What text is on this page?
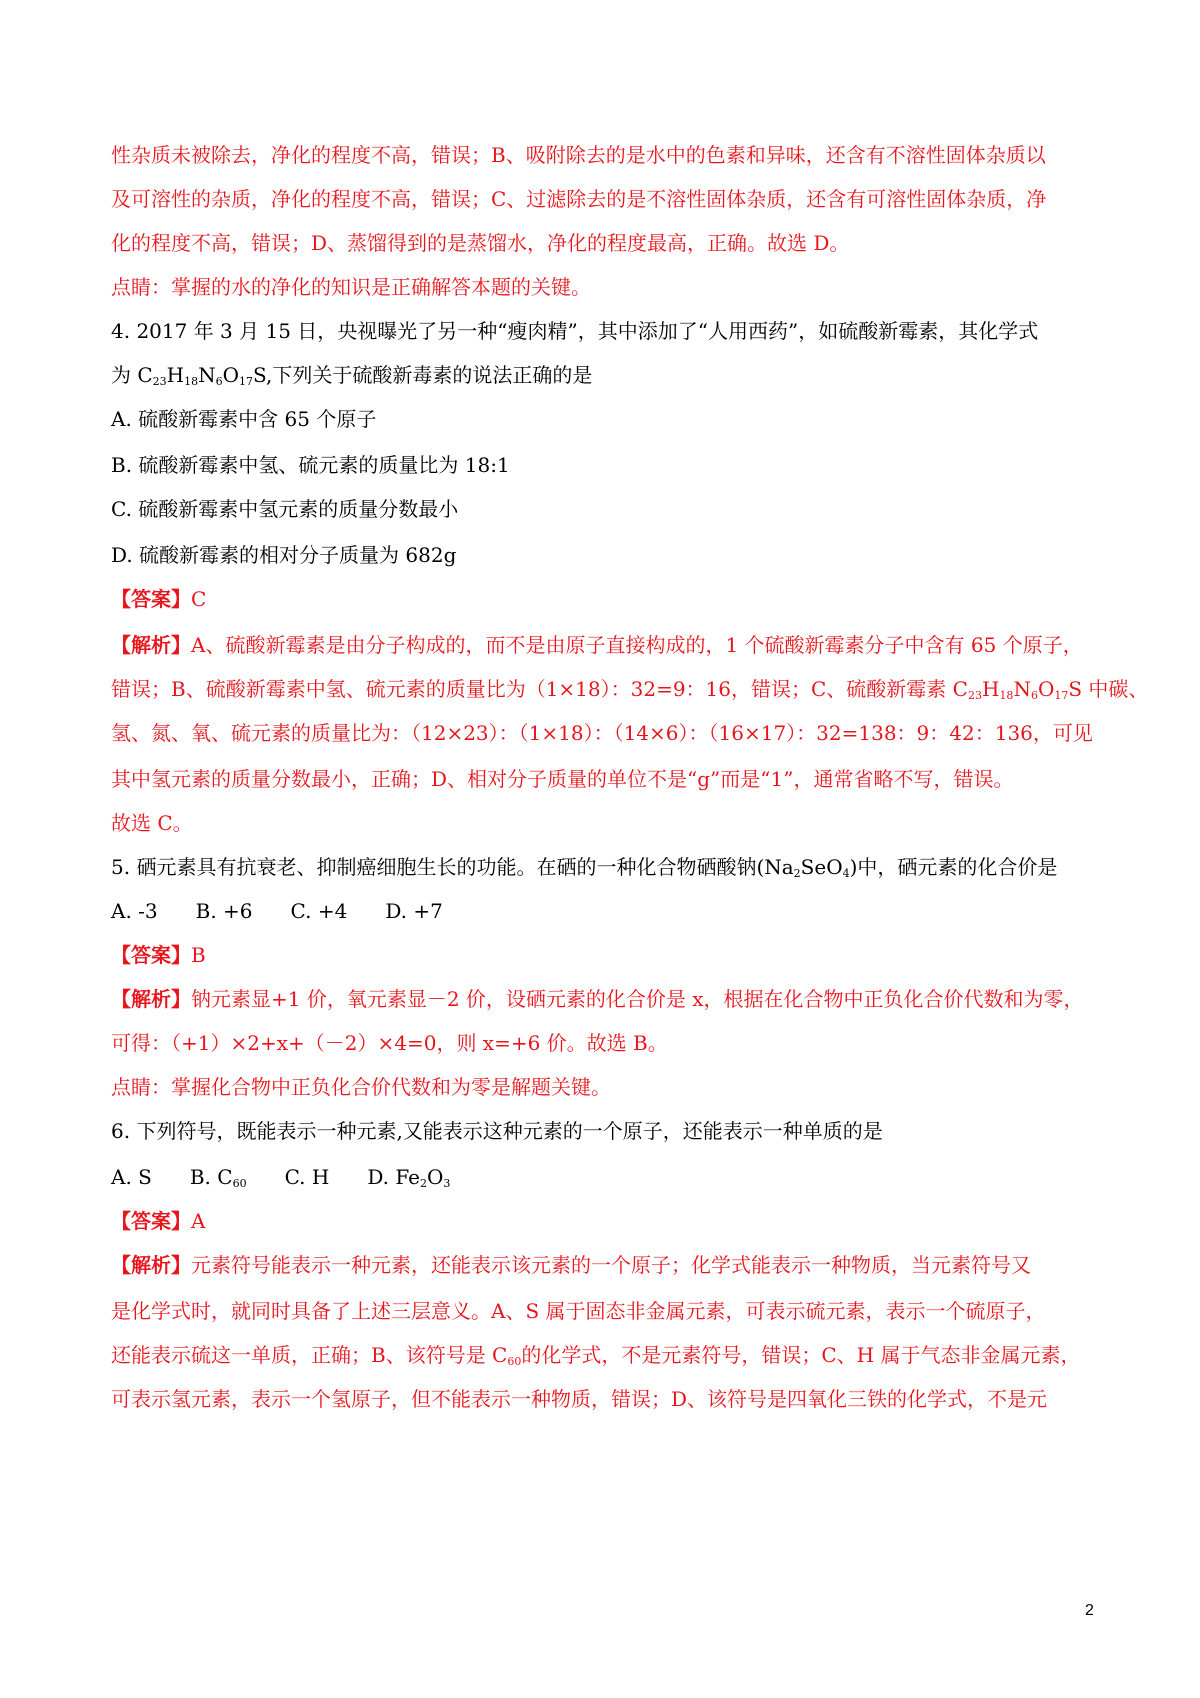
性杂质未被除去，净化的程度不高，错误；B、吸附除去的是水中的色素和异味，还含有不溶性固体杂质以
及可溶性的杂质，净化的程度不高，错误；C、过滤除去的是不溶性固体杂质，还含有可溶性固体杂质，净
化的程度不高，错误；D、蒸馏得到的是蒸馏水，净化的程度最高，正确。故选 D。
点睛：掌握的水的净化的知识是正确解答本题的关键。
4. 2017 年 3 月 15 日，央视曝光了另一种“瘦肉精”，其中添加了“人用西药”，如硫酸新霉素，其化学式
为 $C_{23}H_{18}N_6O_{17}S$,下列关于硫酸新毒素的说法正确的是
A. 硫酸新霉素中含 65 个原子
B. 硫酸新霉素中氢、硫元素的质量比为 18:1
C. 硫酸新霉素中氢元素的质量分数最小
D. 硫酸新霉素的相对分子质量为 682g
【答案】C
【解析】A、硫酸新霉素是由分子构成的，而不是由原子直接构成的，1 个硫酸新霉素分子中含有 65 个原子，
错误；B、硫酸新霉素中氢、硫元素的质量比为（1×18）：32=9：16，错误；C、硫酸新霉素 $C_{23}H_{18}N_6O_{17}S$ 中碳、
氢、氮、氧、硫元素的质量比为：（12×23）：（1×18）：（14×6）：（16×17）：32=138：9：42：136，可见
其中氢元素的质量分数最小，正确；D、相对分子质量的单位不是“g”而是“1”，通常省略不写，错误。
故选 C。
5. 硒元素具有抗衰老、抑制癌细胞生长的功能。在硒的一种化合物硒酸钠$(Na_2SeO_4)$中，硒元素的化合价是
A. -3 B. +6 C. +4 D. +7
【答案】B
【解析】钠元素显+1 价，氧元素显－2 价，设硒元素的化合价是 x，根据在化合物中正负化合价代数和为零，
可得：（+1）×2+x+（－2）×4=0，则 x=+6 价。故选 B。
点睛：掌握化合物中正负化合价代数和为零是解题关键。
6. 下列符号，既能表示一种元素,又能表示这种元素的一个原子，还能表示一种单质的是
A. S B. $C_{60}$ C. H D. $Fe_2O_3$
【答案】A
【解析】元素符号能表示一种元素，还能表示该元素的一个原子；化学式能表示一种物质，当元素符号又
是化学式时，就同时具备了上述三层意义。A、S 属于固态非金属元素，可表示硫元素，表示一个硫原子，
还能表示硫这一单质，正确；B、该符号是 $C_{60}$的化学式，不是元素符号，错误；C、H 属于气态非金属元素，
可表示氢元素，表示一个氢原子，但不能表示一种物质，错误；D、该符号是四氧化三铁的化学式，不是元
2
